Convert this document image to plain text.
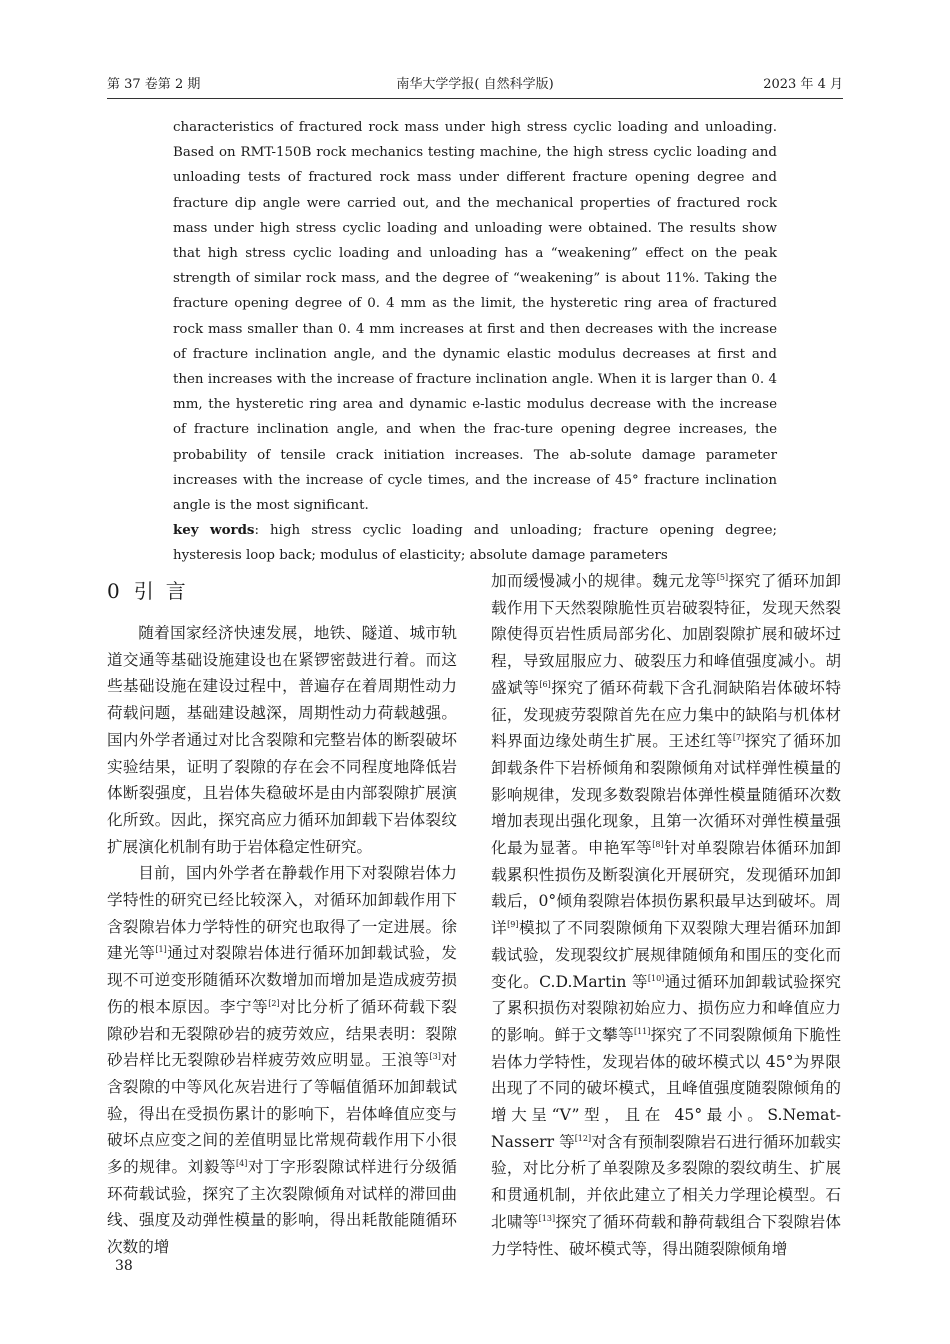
第 37 卷第 2 期	南华大学学报( 自然科学版)	2023 年 4 月

characteristics of fractured rock mass under high stress cyclic loading and unloading. Based on RMT-150B rock mechanics testing machine, the high stress cyclic loading and unloading tests of fractured rock mass under different fracture opening degree and fracture dip angle were carried out, and the mechanical properties of fractured rock mass under high stress cyclic loading and unloading were obtained. The results show that high stress cyclic loading and unloading has a “weakening” effect on the peak strength of similar rock mass, and the degree of “weakening” is about 11%. Taking the fracture opening degree of 0. 4 mm as the limit, the hysteretic ring area of fractured rock mass smaller than 0. 4 mm increases at first and then decreases with the increase of fracture inclination angle, and the dynamic elastic modulus decreases at first and then increases with the increase of fracture inclination angle. When it is larger than 0. 4 mm, the hysteretic ring area and dynamic e-lastic modulus decrease with the increase of fracture inclination angle, and when the frac-ture opening degree increases, the probability of tensile crack initiation increases. The ab-solute damage parameter increases with the increase of cycle times, and the increase of 45° fracture inclination angle is the most significant.

key words: high stress cyclic loading and unloading; fracture opening degree; hysteresis loop back; modulus of elasticity; absolute damage parameters

0 引言

随着国家经济快速发展，地铁、隧道、城市轨道交通等基础设施建设也在紧锣密鼓进行着。而这些基础设施在建设过程中，普遍存在着周期性动力荷载问题，基础建设越深，周期性动力荷载越强。国内外学者通过对比含裂隙和完整岩体的断裂破坏实验结果，证明了裂隙的存在会不同程度地降低岩体断裂强度，且岩体失稳破坏是由内部裂隙扩展演化所致。因此，探究高应力循环加卸载下岩体裂纹扩展演化机制有助于岩体稳定性研究。

目前，国内外学者在静载作用下对裂隙岩体力学特性的研究已经比较深入，对循环加卸载作用下含裂隙岩体力学特性的研究也取得了一定进展。徐建光等[1]通过对裂隙岩体进行循环加卸载试验，发现不可逆变形随循环次数增加而增加是造成疲劳损伤的根本原因。李宁等[2]对比分析了循环荷载下裂隙砂岩和无裂隙砂岩的疲劳效应，结果表明：裂隙砂岩样比无裂隙砂岩样疲劳效应明显。王浪等[3]对含裂隙的中等风化灰岩进行了等幅值循环加卸载试验，得出在受损伤累计的影响下，岩体峰值应变与破坏点应变之间的差值明显比常规荷载作用下小很多的规律。刘毅等[4]对丁字形裂隙试样进行分级循环荷载试验，探究了主次裂隙倾角对试样的滞回曲线、强度及动弹性模量的影响，得出耗散能随循环次数的增

加而缓慢减小的规律。魏元龙等[5]探究了循环加卸载作用下天然裂隙脆性页岩破裂特征，发现天然裂隙使得页岩性质局部劣化、加剧裂隙扩展和破坏过程，导致屈服应力、破裂压力和峰值强度减小。胡盛斌等[6]探究了循环荷载下含孔洞缺陷岩体破坏特征，发现疲劳裂隙首先在应力集中的缺陷与机体材料界面边缘处萌生扩展。王述红等[7]探究了循环加卸载条件下岩桥倾角和裂隙倾角对试样弹性模量的影响规律，发现多数裂隙岩体弹性模量随循环次数增加表现出强化现象，且第一次循环对弹性模量强化最为显著。申艳军等[8]针对单裂隙岩体循环加卸载累积性损伤及断裂演化开展研究，发现循环加卸载后，0°倾角裂隙岩体损伤累积最早达到破坏。周详[9]模拟了不同裂隙倾角下双裂隙大理岩循环加卸载试验，发现裂纹扩展规律随倾角和围压的变化而变化。C.D.Martin 等[10]通过循环加卸载试验探究了累积损伤对裂隙初始应力、损伤应力和峰值应力的影响。鲜于文攀等[11]探究了不同裂隙倾角下脆性岩体力学特性，发现岩体的破坏模式以 45°为界限出现了不同的破坏模式，且峰值强度随裂隙倾角的增大呈“V”型，且在 45°最小。S.Nemat-Nasserr 等[12]对含有预制裂隙岩石进行循环加载实验，对比分析了单裂隙及多裂隙的裂纹萌生、扩展和贯通机制，并依此建立了相关力学理论模型。石北啸等[13]探究了循环荷载和静荷载组合下裂隙岩体力学特性、破坏模式等，得出随裂隙倾角增

38
